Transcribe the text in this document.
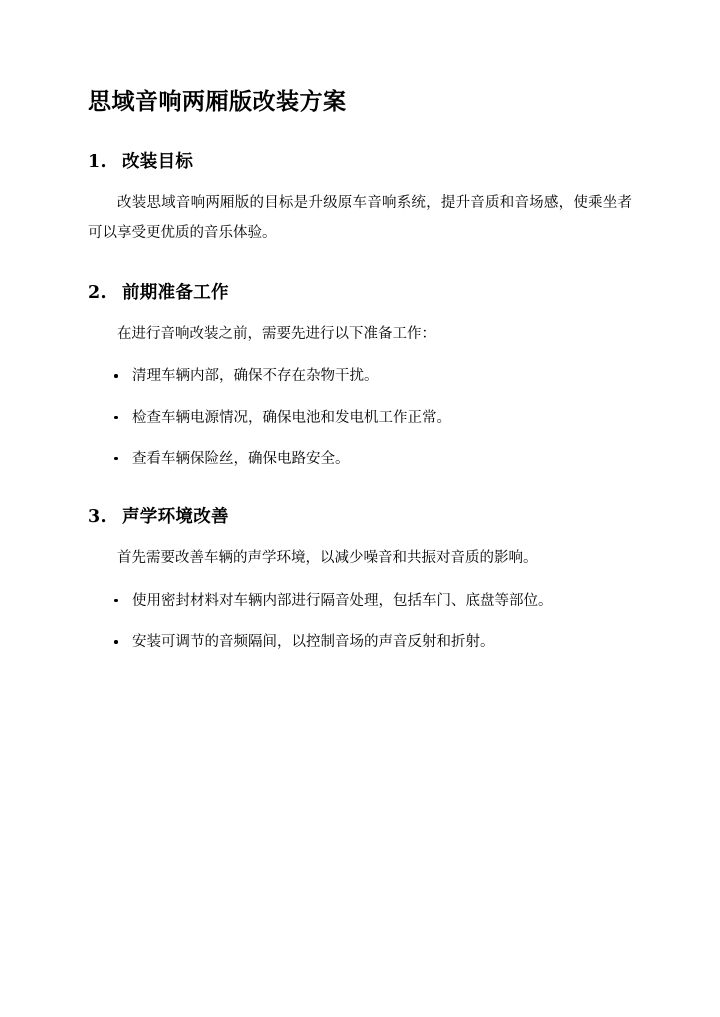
思域音响两厢版改装方案
1. 改装目标

改装思域音响两厢版的目标是升级原车音响系统，提升音质和音场感，使乘坐者可以享受更优质的音乐体验。

2. 前期准备工作

在进行音响改装之前，需要先进行以下准备工作：

清理车辆内部，确保不存在杂物干扰。
检查车辆电源情况，确保电池和发电机工作正常。
查看车辆保险丝，确保电路安全。
3. 声学环境改善

首先需要改善车辆的声学环境，以减少噪音和共振对音质的影响。

使用密封材料对车辆内部进行隔音处理，包括车门、底盘等部位。
安装可调节的音频隔间，以控制音场的声音反射和折射。
